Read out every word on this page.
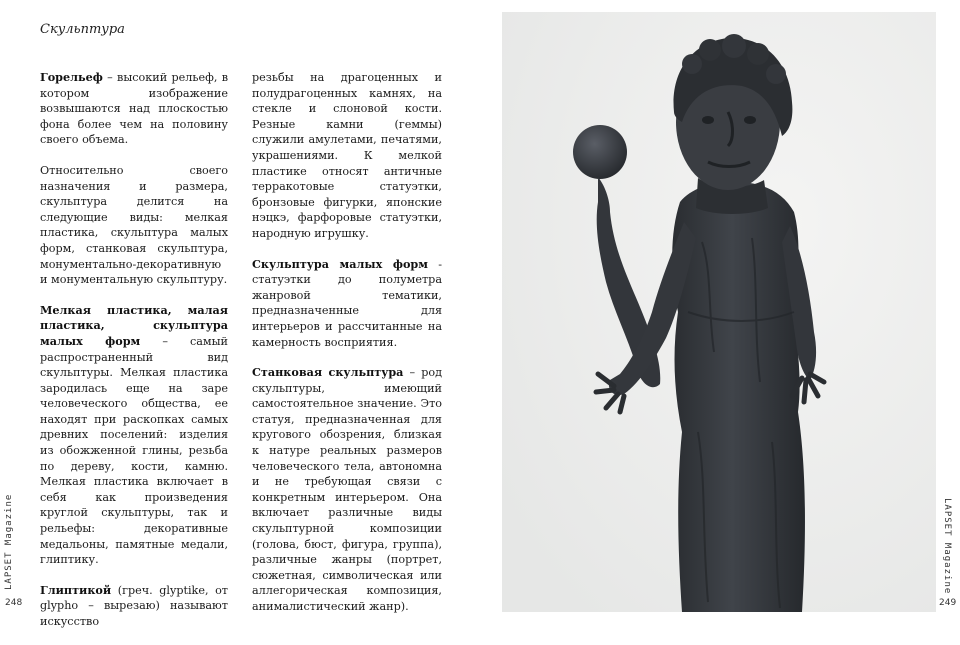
Скульптура

Горельеф – высокий рельеф, в котором изображение возвышаются над плоскостью фона более чем на половину своего объема.

Относительно своего назначения и размера, скульптура делится на следующие виды: мелкая пластика, скульптура малых форм, станковая скульптура, монументально-декоративную и монументальную скульптуру.

Мелкая пластика, малая пластика, скульптура малых форм – самый распространенный вид скульптуры. Мелкая пластика зародилась еще на заре человеческого общества, ее находят при раскопках самых древних поселений: изделия из обожженной глины, резьба по дереву, кости, камню. Мелкая пластика включает в себя как произведения круглой скульптуры, так и рельефы: декоративные медальоны, памятные медали, глиптику.

Глиптикой (греч. glyptike, от glypho – вырезаю) называют искусство

резьбы на драгоценных и полудрагоценных камнях, на стекле и слоновой кости. Резные камни (геммы) служили амулетами, печатями, украшениями. К мелкой пластике относят античные терракотовые статуэтки, бронзовые фигурки, японские нэцкэ, фарфоровые статуэтки, народную игрушку.

Скульптура малых форм - статуэтки до полуметра жанровой тематики, предназначенные для интерьеров и рассчитанные на камерность восприятия.

Станковая скульптура – род скульптуры, имеющий самостоятельное значение. Это статуя, предназначенная для кругового обозрения, близкая к натуре реальных размеров человеческого тела, автономна и не требующая связи с конкретным интерьером. Она включает различные виды скульптурной композиции (голова, бюст, фигура, группа), различные жанры (портрет, сюжетная, символическая или аллегорическая композиция, анималистический жанр).

LAPSET Magazine
248
LAPSET Magazine
249
